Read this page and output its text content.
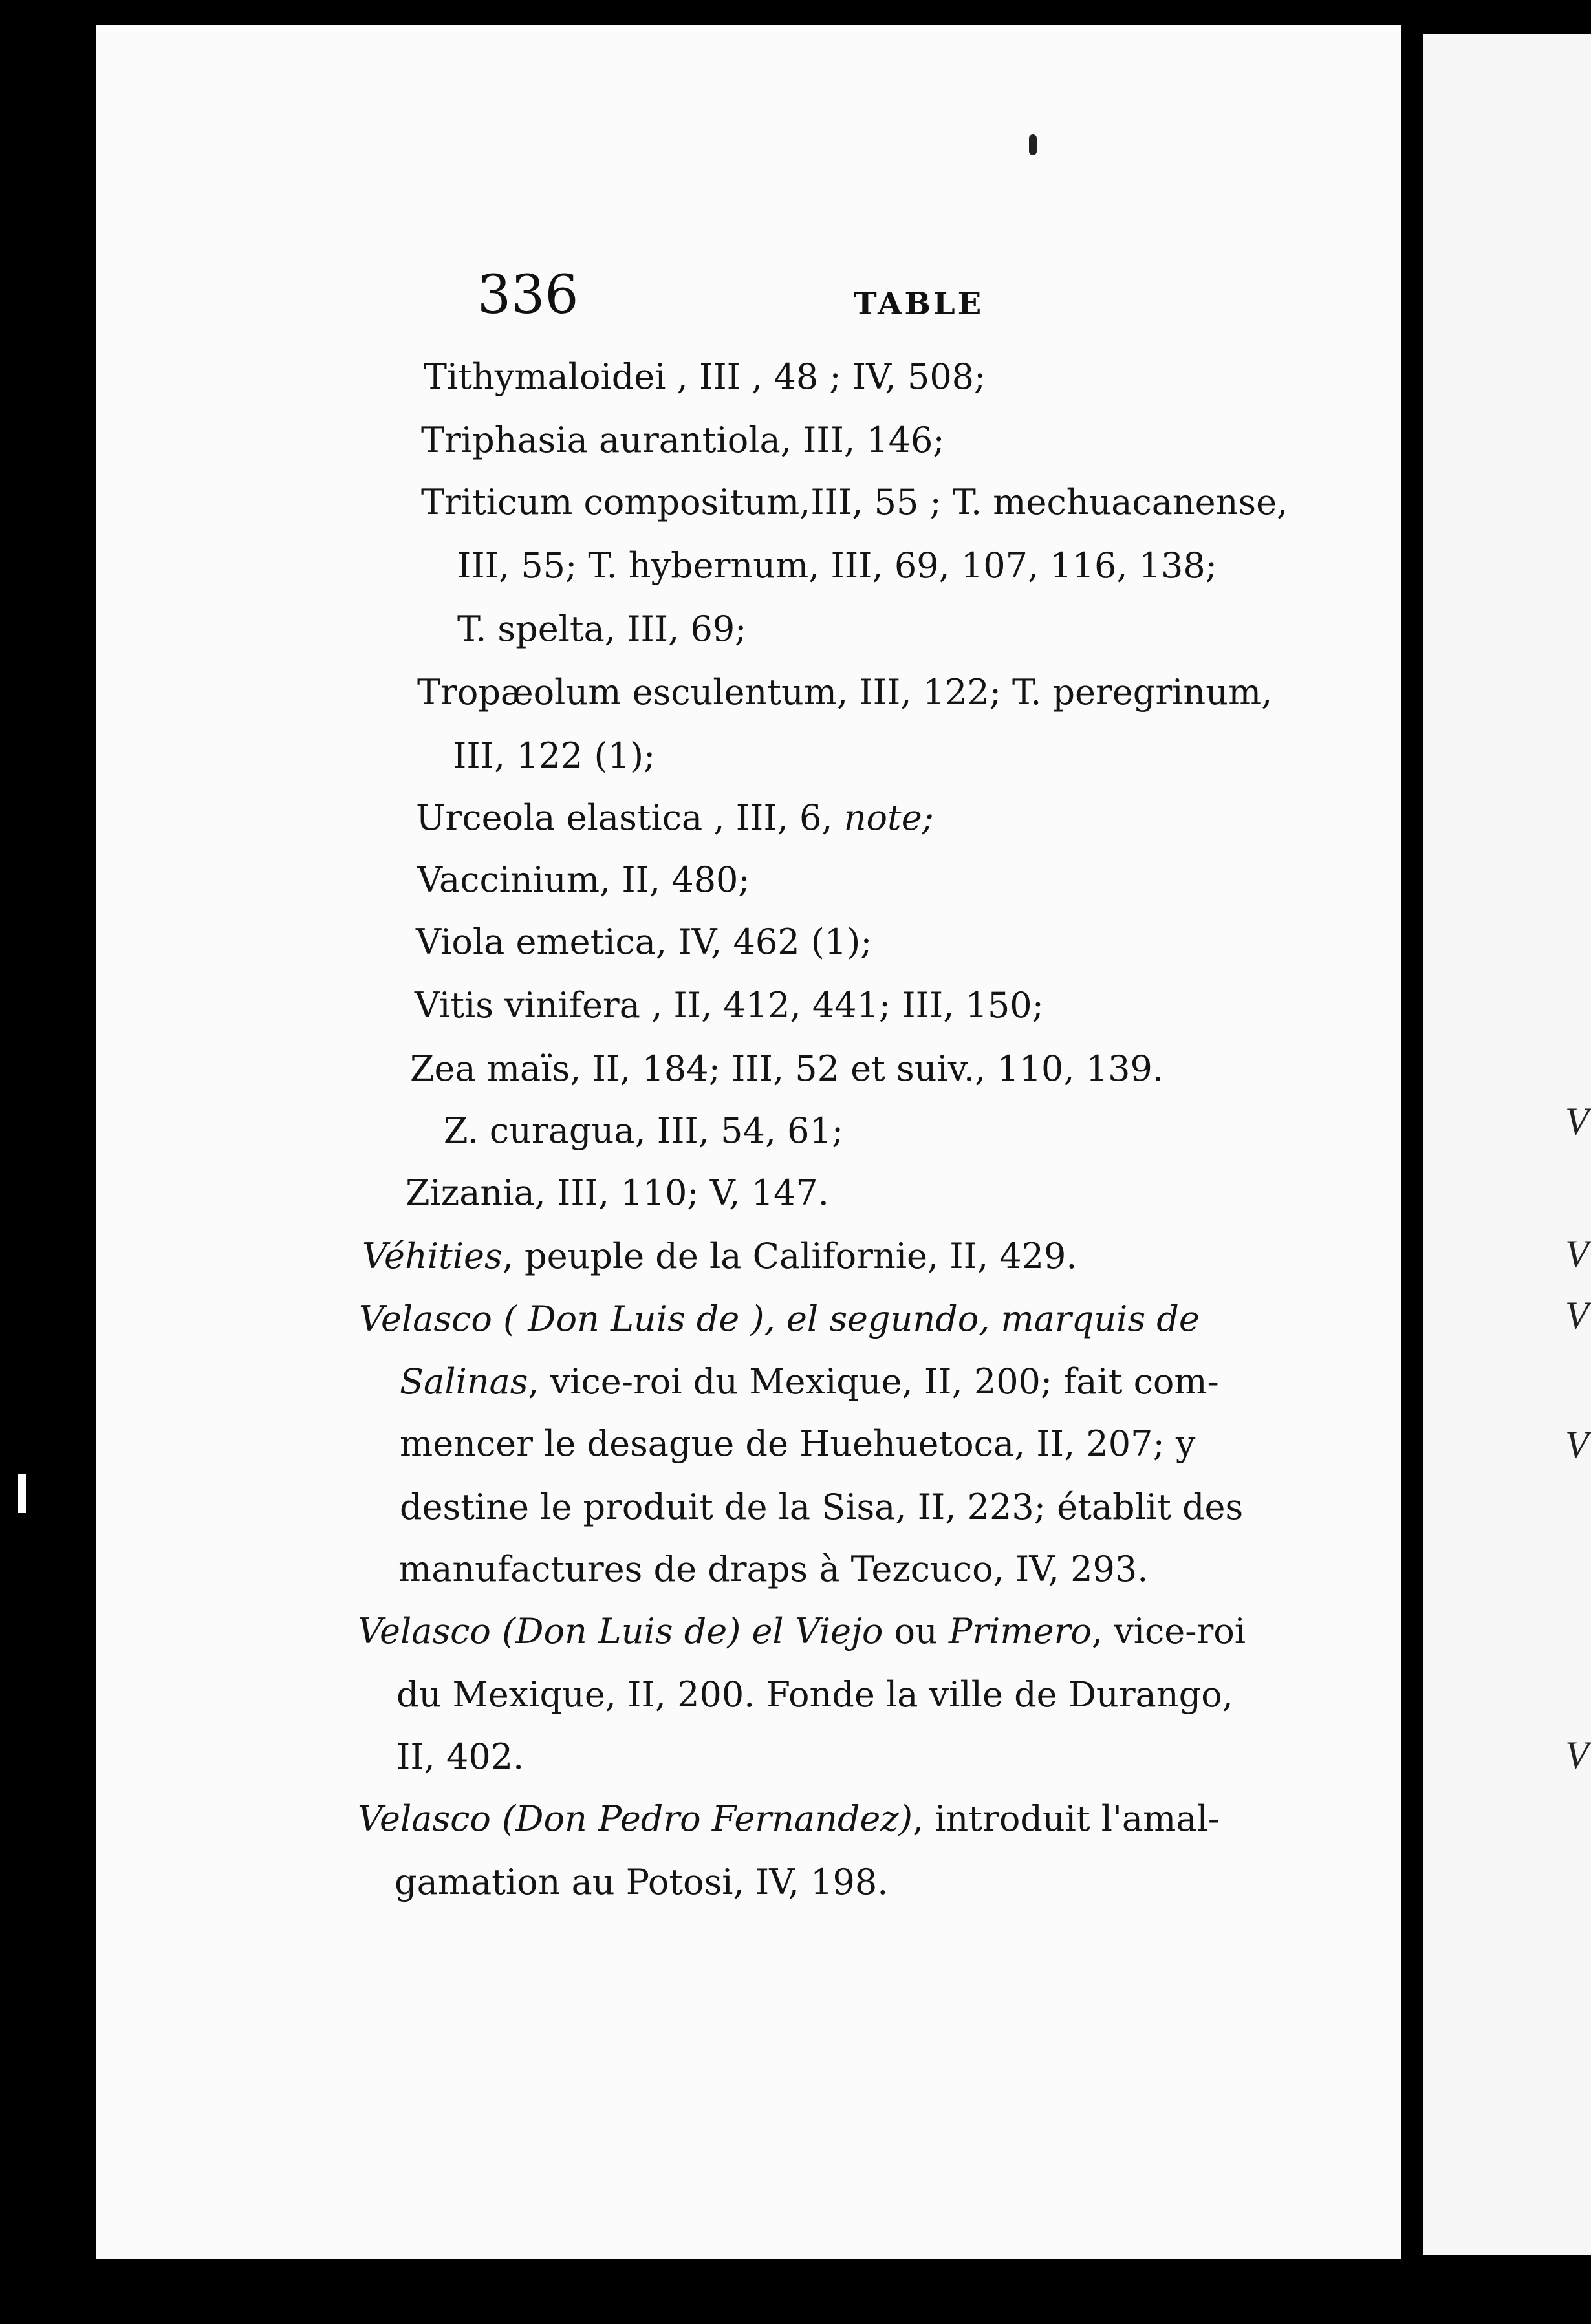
V
V
V
V
V
336	TABLE
Tithymaloidei , III , 48 ; IV, 508;
Triphasia aurantiola, III, 146;
Triticum compositum,III, 55 ; T. mechuacanense,
III, 55; T. hybernum, III, 69, 107, 116, 138;
T. spelta, III, 69;
Tropæolum esculentum, III, 122; T. peregrinum,
III, 122 (1);
Urceola elastica , III, 6, note;
Vaccinium, II, 480;
Viola emetica, IV, 462 (1);
Vitis vinifera , II, 412, 441; III, 150;
Zea maïs, II, 184; III, 52 et suiv., 110, 139.
Z. curagua, III, 54, 61;
Zizania, III, 110; V, 147.
Véhities, peuple de la Californie, II, 429.
Velasco ( Don Luis de ), el segundo, marquis de
Salinas, vice-roi du Mexique, II, 200; fait com-
mencer le desague de Huehuetoca, II, 207; y
destine le produit de la Sisa, II, 223; établit des
manufactures de draps à Tezcuco, IV, 293.
Velasco (Don Luis de) el Viejo ou Primero, vice-roi
du Mexique, II, 200. Fonde la ville de Durango,
II, 402.
Velasco (Don Pedro Fernandez), introduit l'amal-
gamation au Potosi, IV, 198.
